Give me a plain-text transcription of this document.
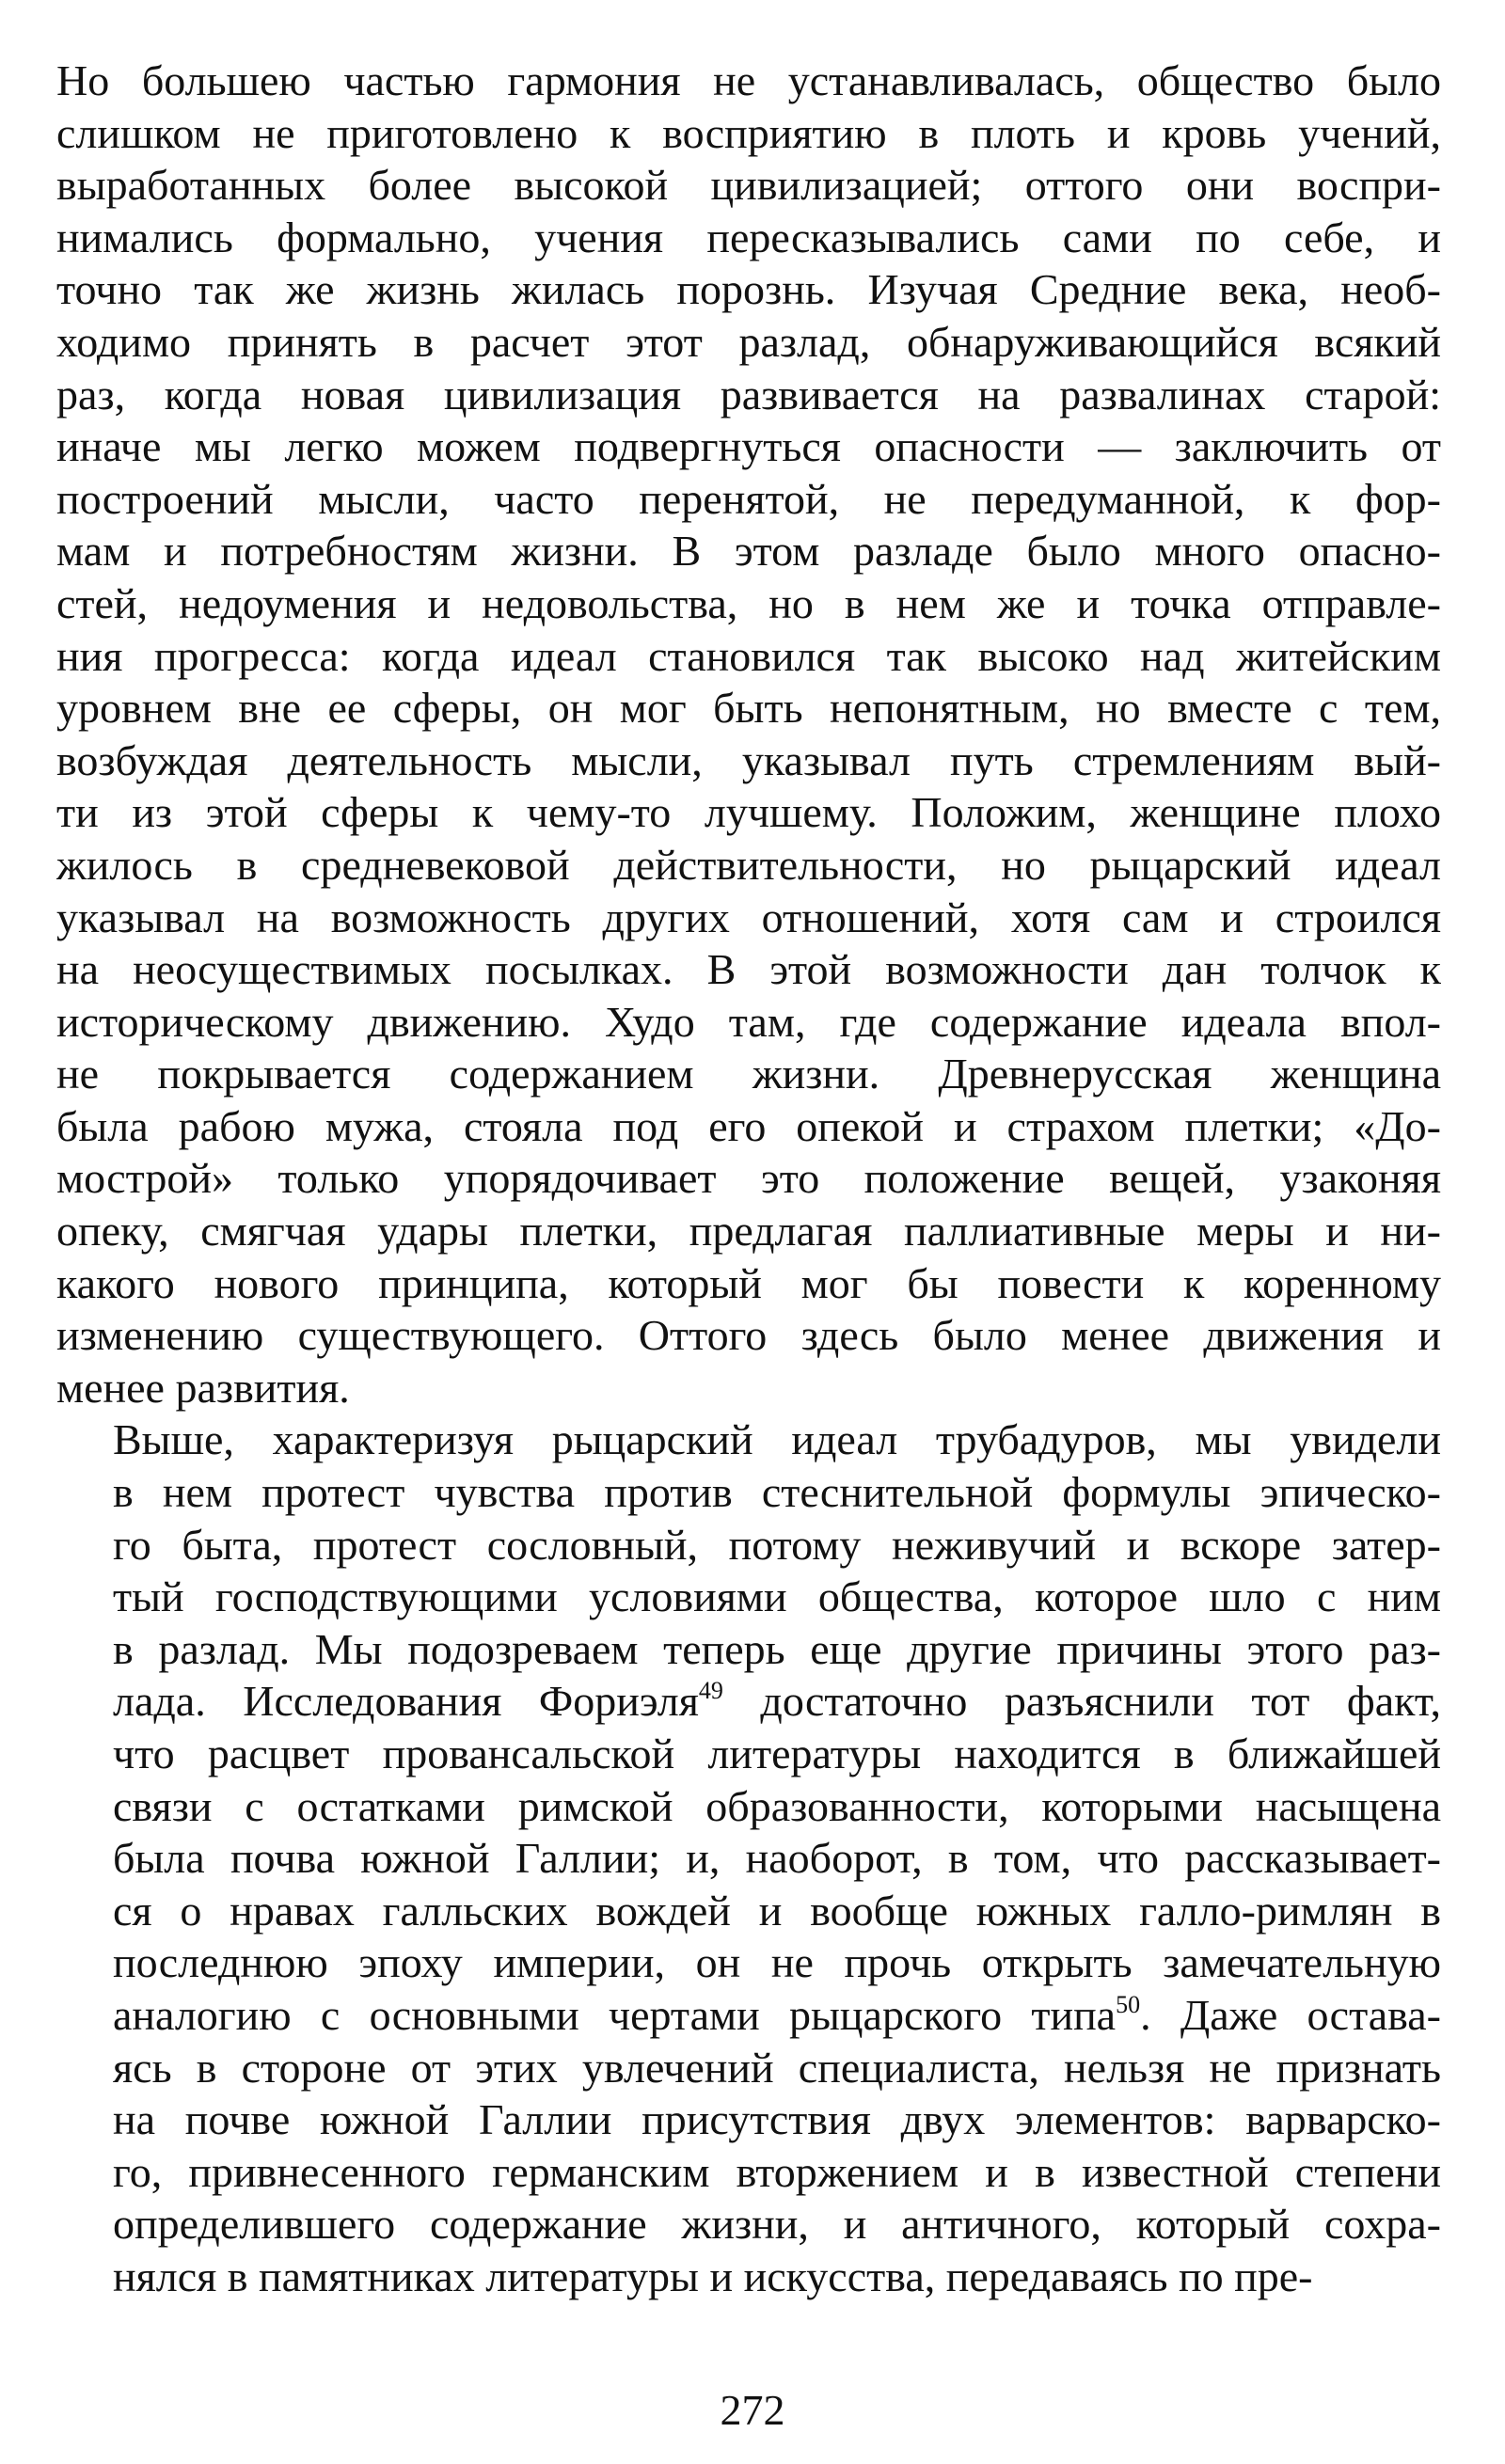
Но большею частью гармония не устанавливалась, общество было
слишком не приготовлено к восприятию в плоть и кровь учений,
выработанных более высокой цивилизацией; оттого они воспри-
нимались формально, учения пересказывались сами по себе, и
точно так же жизнь жилась порознь. Изучая Средние века, необ-
ходимо принять в расчет этот разлад, обнаруживающийся всякий
раз, когда новая цивилизация развивается на развалинах старой:
иначе мы легко можем подвергнуться опасности — заключить от
построений мысли, часто перенятой, не передуманной, к фор-
мам и потребностям жизни. В этом разладе было много опасно-
стей, недоумения и недовольства, но в нем же и точка отправле-
ния прогресса: когда идеал становился так высоко над житейским
уровнем вне ее сферы, он мог быть непонятным, но вместе с тем,
возбуждая деятельность мысли, указывал путь стремлениям вый-
ти из этой сферы к чему-то лучшему. Положим, женщине плохо
жилось в средневековой действительности, но рыцарский идеал
указывал на возможность других отношений, хотя сам и строился
на неосуществимых посылках. В этой возможности дан толчок к
историческому движению. Худо там, где содержание идеала впол-
не покрывается содержанием жизни. Древнерусская женщина
была рабою мужа, стояла под его опекой и страхом плетки; «До-
мострой» только упорядочивает это положение вещей, узаконяя
опеку, смягчая удары плетки, предлагая паллиативные меры и ни-
какого нового принципа, который мог бы повести к коренному
изменению существующего. Оттого здесь было менее движения и
менее развития.
Выше, характеризуя рыцарский идеал трубадуров, мы увидели
в нем протест чувства против стеснительной формулы эпическо-
го быта, протест сословный, потому неживучий и вскоре затер-
тый господствующими условиями общества, которое шло с ним
в разлад. Мы подозреваем теперь еще другие причины этого раз-
лада. Исследования Фориэля$^{49}$ достаточно разъяснили тот факт,
что расцвет провансальской литературы находится в ближайшей
связи с остатками римской образованности, которыми насыщена
была почва южной Галлии; и, наоборот, в том, что рассказывает-
ся о нравах галльских вождей и вообще южных галло-римлян в
последнюю эпоху империи, он не прочь открыть замечательную
аналогию с основными чертами рыцарского типа$^{50}$. Даже остава-
ясь в стороне от этих увлечений специалиста, нельзя не признать
на почве южной Галлии присутствия двух элементов: варварско-
го, привнесенного германским вторжением и в известной степени
определившего содержание жизни, и античного, который сохра-
нялся в памятниках литературы и искусства, передаваясь по пре-
272
